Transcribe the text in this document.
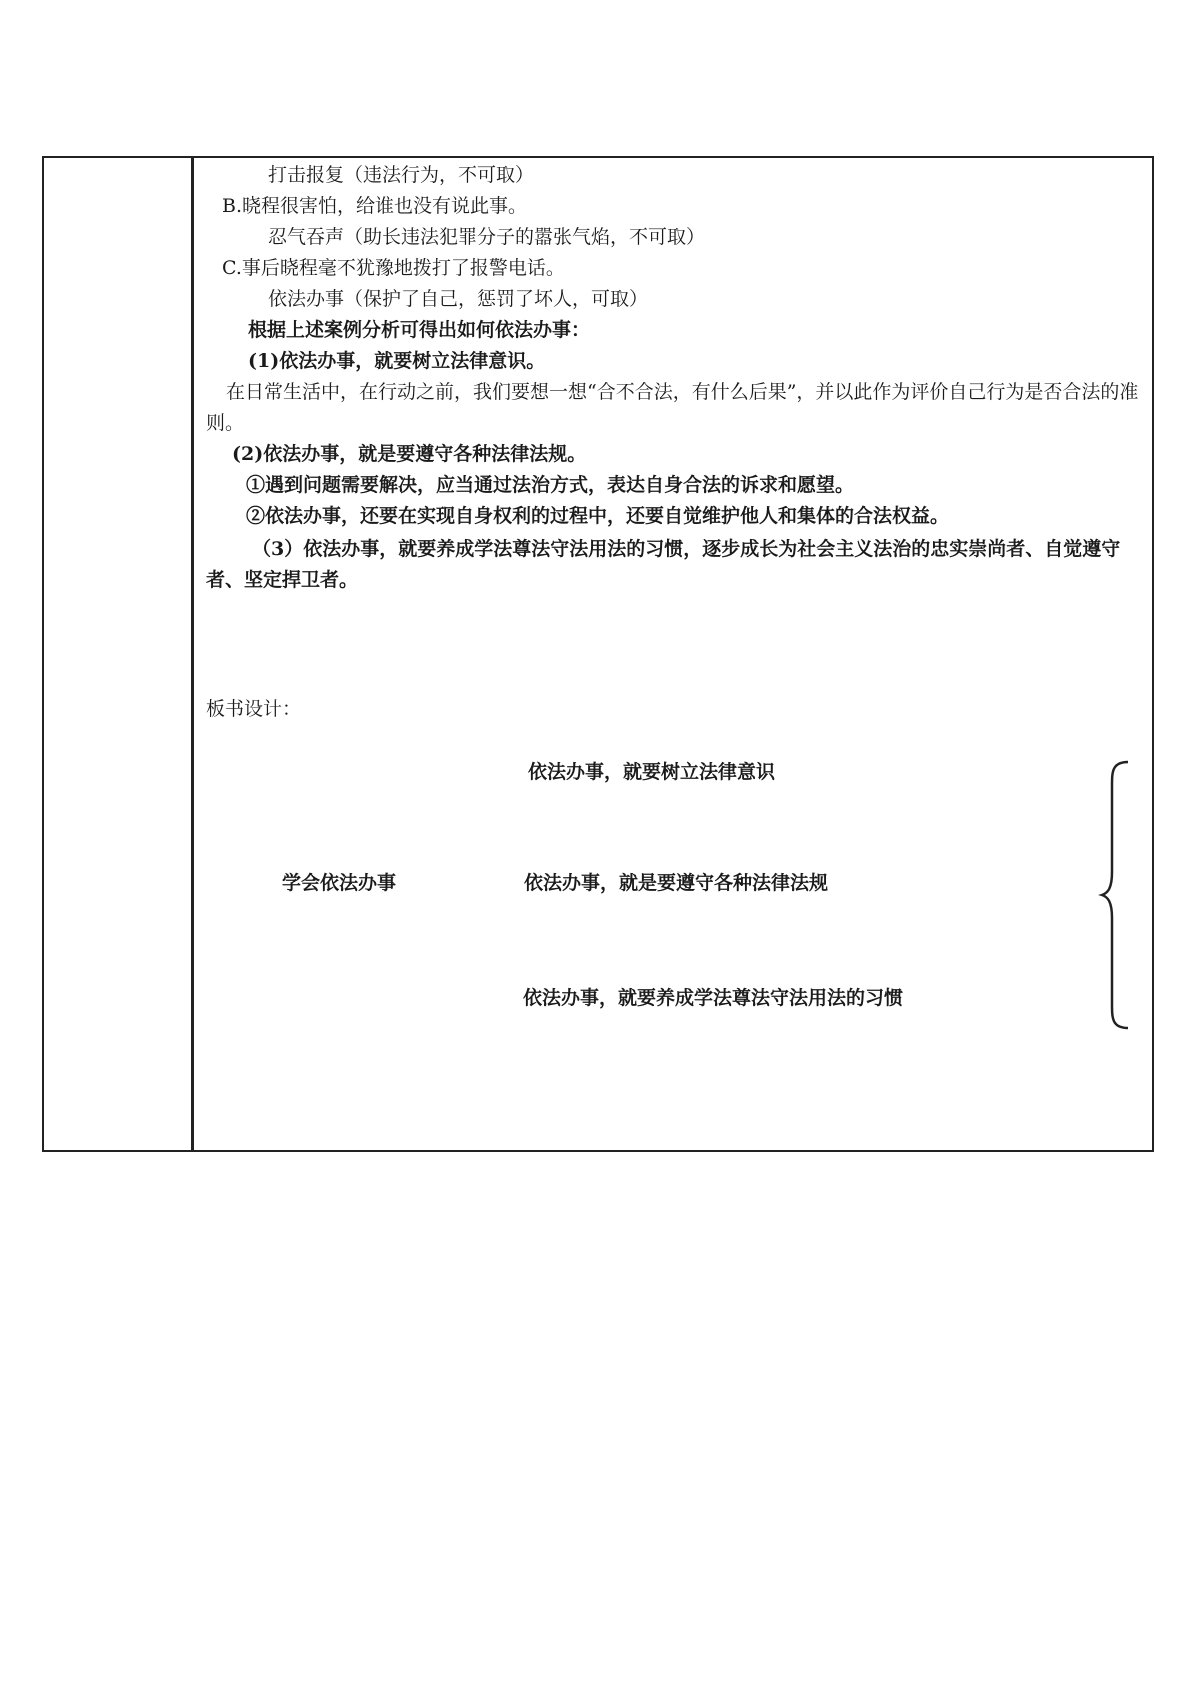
打击报复（违法行为，不可取）
B.晓程很害怕，给谁也没有说此事。
忍气吞声（助长违法犯罪分子的嚣张气焰，不可取）
C.事后晓程毫不犹豫地拨打了报警电话。
依法办事（保护了自己，惩罚了坏人，可取）
根据上述案例分析可得出如何依法办事：
(1)依法办事，就要树立法律意识。
在日常生活中，在行动之前，我们要想一想“合不合法，有什么后果”，并以此作为评价自己行为是否合法的准则。
(2)依法办事，就是要遵守各种法律法规。
①遇到问题需要解决，应当通过法治方式，表达自身合法的诉求和愿望。
②依法办事，还要在实现自身权利的过程中，还要自觉维护他人和集体的合法权益。
（3）依法办事，就要养成学法尊法守法用法的习惯，逐步成长为社会主义法治的忠实崇尚者、自觉遵守者、坚定捍卫者。
板书设计：
依法办事，就要树立法律意识
学会依法办事	依法办事，就是要遵守各种法律法规
依法办事，就要养成学法尊法守法用法的习惯
